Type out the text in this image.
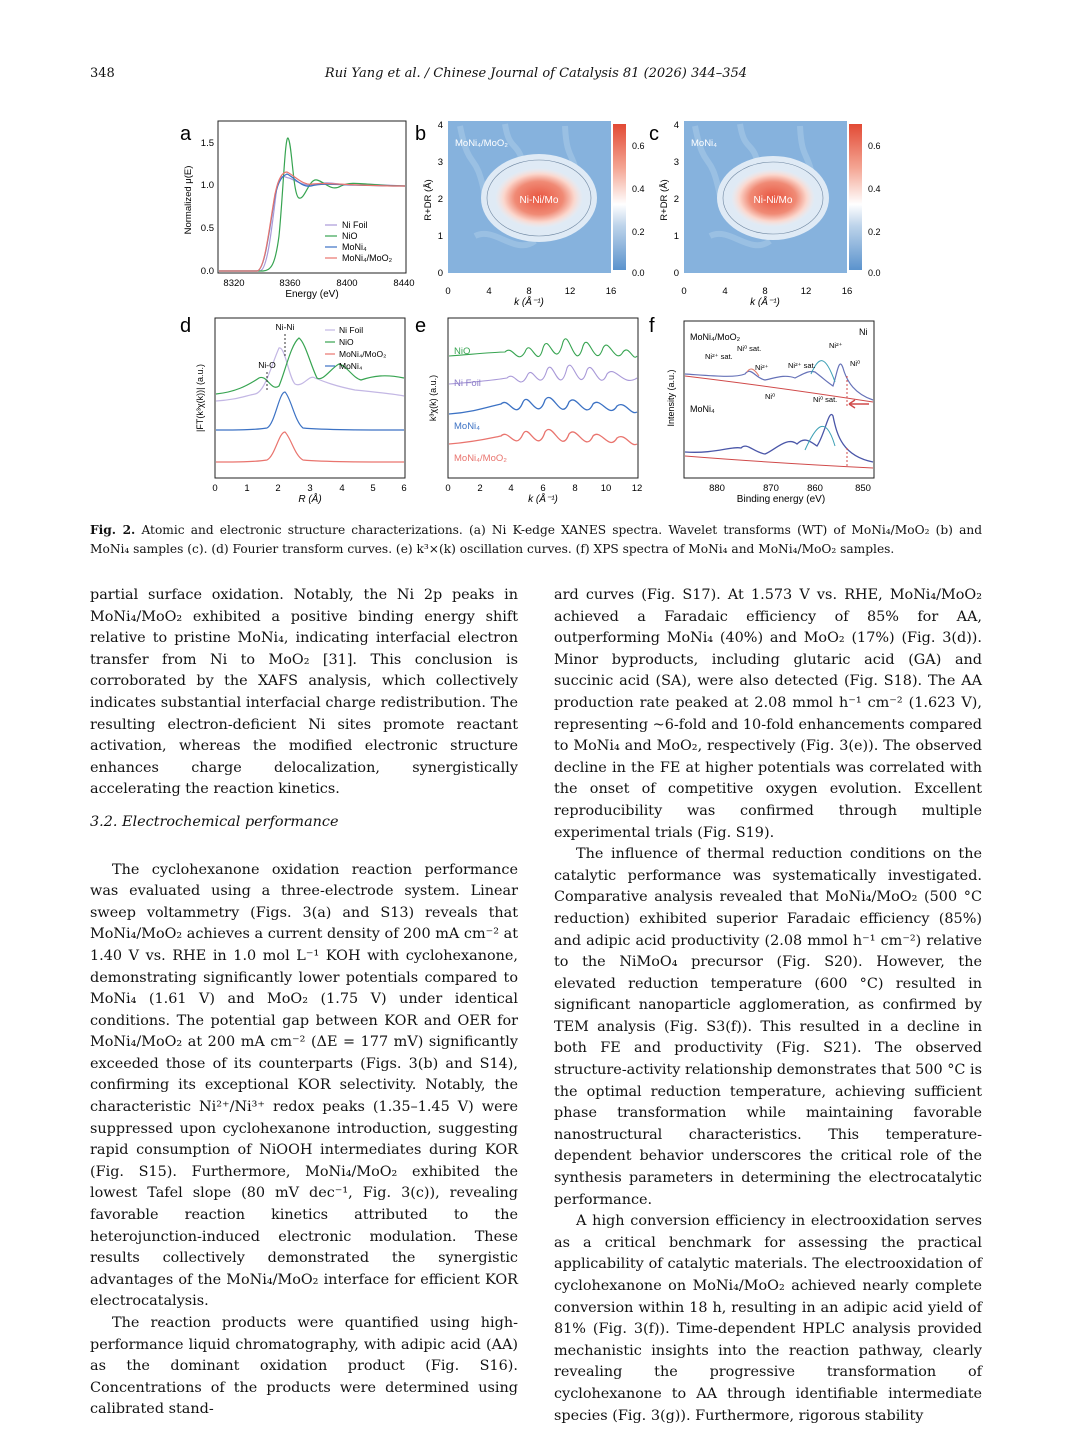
348	Rui Yang et al. / Chinese Journal of Catalysis 81 (2026) 344–354
a
8320	8360	8400	8440
Energy (eV)
0.0
0.5
1.0
1.5
Normalized μ(E)	Ni Foil
NiO
MoNi₄
MoNi₄/MoO₂
b	MoNi₄/MoO₂
Ni-Ni/Mo
0.0
0.2
0.4
0.6
0	4	8	12	16
k (Å⁻¹)
0
1
2
3
4
R+DR (Å)
c	MoNi₄
Ni-Ni/Mo
0.0
0.2
0.4
0.6
0	4	8	12	16
k (Å⁻¹)
0
1
2
3
4
R+DR (Å)
d	Ni-Ni
Ni-O
Ni Foil
NiO
MoNi₄/MoO₂
MoNi₄
0	1	2	3	4	5	6
R (Å)
|FT(k³χ(k))| (a.u.)
e
NiO
Ni Foil
MoNi₄
MoNi₄/MoO₂
0	2	4	6	8 10 12
k (Å⁻¹)
k³χ(k) (a.u.)
f	MoNi₄/MoO₂
MoNi₄
Ni
Ni²⁺ sat.
Ni⁰ sat.
Ni²⁺	Ni²⁺ sat.
Ni²⁺
Ni⁰
Ni⁰	Ni⁰ sat.
880	870	860	850
Binding energy (eV)
Intensity (a.u.)
Fig. 2. Atomic and electronic structure characterizations. (a) Ni K-edge XANES spectra. Wavelet transforms (WT) of MoNi₄/MoO₂ (b) and MoNi₄ samples (c). (d) Fourier transform curves. (e) k³×(k) oscillation curves. (f) XPS spectra of MoNi₄ and MoNi₄/MoO₂ samples.

partial surface oxidation. Notably, the Ni 2p peaks in MoNi₄/MoO₂ exhibited a positive binding energy shift relative to pristine MoNi₄, indicating interfacial electron transfer from Ni to MoO₂ [31]. This conclusion is corroborated by the XAFS analysis, which collectively indicates substantial interfacial charge redistribution. The resulting electron-deficient Ni sites promote reactant activation, whereas the modified electronic structure enhances charge delocalization, synergistically accelerating the reaction kinetics.

3.2. Electrochemical performance

The cyclohexanone oxidation reaction performance was evaluated using a three-electrode system. Linear sweep voltammetry (Figs. 3(a) and S13) reveals that MoNi₄/MoO₂ achieves a current density of 200 mA cm⁻² at 1.40 V vs. RHE in 1.0 mol L⁻¹ KOH with cyclohexanone, demonstrating significantly lower potentials compared to MoNi₄ (1.61 V) and MoO₂ (1.75 V) under identical conditions. The potential gap between KOR and OER for MoNi₄/MoO₂ at 200 mA cm⁻² (ΔE = 177 mV) significantly exceeded those of its counterparts (Figs. 3(b) and S14), confirming its exceptional KOR selectivity. Notably, the characteristic Ni²⁺/Ni³⁺ redox peaks (1.35–1.45 V) were suppressed upon cyclohexanone introduction, suggesting rapid consumption of NiOOH intermediates during KOR (Fig. S15). Furthermore, MoNi₄/MoO₂ exhibited the lowest Tafel slope (80 mV dec⁻¹, Fig. 3(c)), revealing favorable reaction kinetics attributed to the heterojunction-induced electronic modulation. These results collectively demonstrated the synergistic advantages of the MoNi₄/MoO₂ interface for efficient KOR electrocatalysis.

The reaction products were quantified using high-performance liquid chromatography, with adipic acid (AA) as the dominant oxidation product (Fig. S16). Concentrations of the products were determined using calibrated stand-

ard curves (Fig. S17). At 1.573 V vs. RHE, MoNi₄/MoO₂ achieved a Faradaic efficiency of 85% for AA, outperforming MoNi₄ (40%) and MoO₂ (17%) (Fig. 3(d)). Minor byproducts, including glutaric acid (GA) and succinic acid (SA), were also detected (Fig. S18). The AA production rate peaked at 2.08 mmol h⁻¹ cm⁻² (1.623 V), representing ~6-fold and 10-fold enhancements compared to MoNi₄ and MoO₂, respectively (Fig. 3(e)). The observed decline in the FE at higher potentials was correlated with the onset of competitive oxygen evolution. Excellent reproducibility was confirmed through multiple experimental trials (Fig. S19).

The influence of thermal reduction conditions on the catalytic performance was systematically investigated. Comparative analysis revealed that MoNi₄/MoO₂ (500 °C reduction) exhibited superior Faradaic efficiency (85%) and adipic acid productivity (2.08 mmol h⁻¹ cm⁻²) relative to the NiMoO₄ precursor (Fig. S20). However, the elevated reduction temperature (600 °C) resulted in significant nanoparticle agglomeration, as confirmed by TEM analysis (Fig. S3(f)). This resulted in a decline in both FE and productivity (Fig. S21). The observed structure-activity relationship demonstrates that 500 °C is the optimal reduction temperature, achieving sufficient phase transformation while maintaining favorable nanostructural characteristics. This temperature-dependent behavior underscores the critical role of the synthesis parameters in determining the electrocatalytic performance.

A high conversion efficiency in electrooxidation serves as a critical benchmark for assessing the practical applicability of catalytic materials. The electrooxidation of cyclohexanone on MoNi₄/MoO₂ achieved nearly complete conversion within 18 h, resulting in an adipic acid yield of 81% (Fig. 3(f)). Time-dependent HPLC analysis provided mechanistic insights into the reaction pathway, clearly revealing the progressive transformation of cyclohexanone to AA through identifiable intermediate species (Fig. 3(g)). Furthermore, rigorous stability
